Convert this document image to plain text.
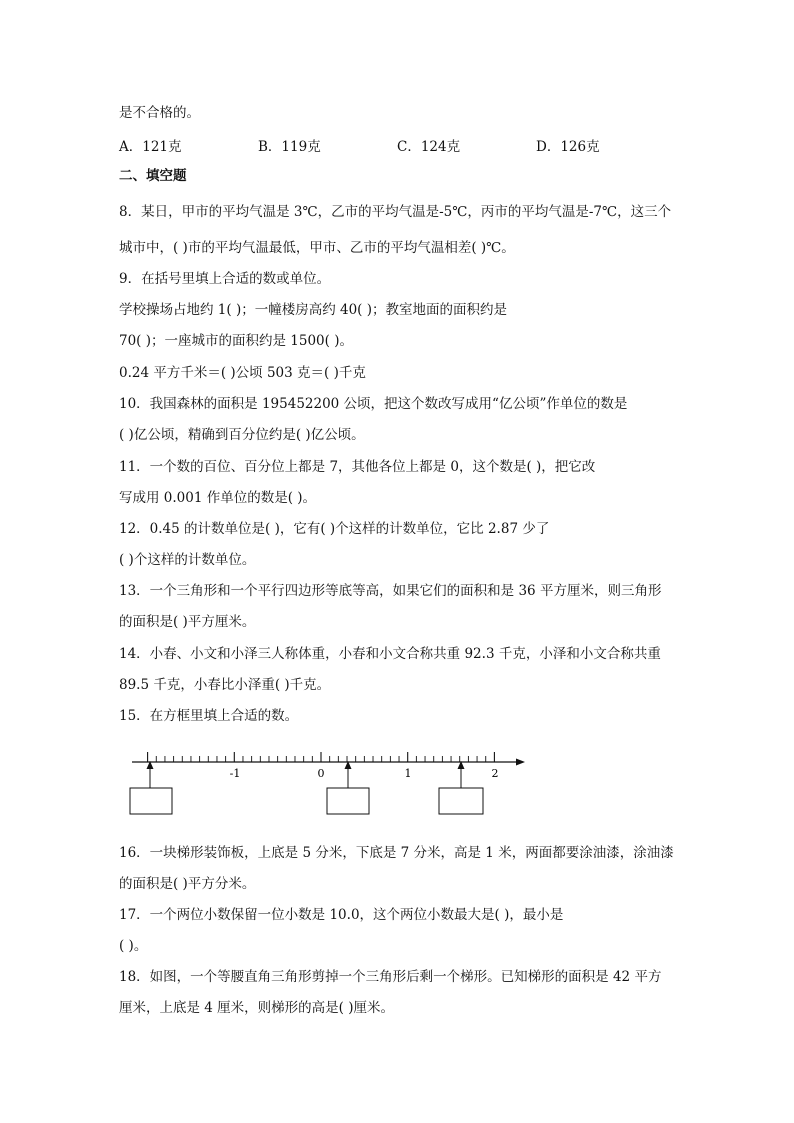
是不合格的。
A．121克	B．119克	C．124克	D．126克
二、填空题
8．某日，甲市的平均气温是 3℃，乙市的平均气温是-5℃，丙市的平均气温是-7℃，这三个
城市中，( )市的平均气温最低，甲市、乙市的平均气温相差( )℃。
9．在括号里填上合适的数或单位。
学校操场占地约 1( )；一幢楼房高约 40( )；教室地面的面积约是
70( )；一座城市的面积约是 1500( )。
0.24 平方千米＝( )公顷 503 克＝( )千克
10．我国森林的面积是 195452200 公顷，把这个数改写成用“亿公顷”作单位的数是
( )亿公顷，精确到百分位约是( )亿公顷。
11．一个数的百位、百分位上都是 7，其他各位上都是 0，这个数是( )，把它改
写成用 0.001 作单位的数是( )。
12．0.45 的计数单位是( )，它有( )个这样的计数单位，它比 2.87 少了
( )个这样的计数单位。
13．一个三角形和一个平行四边形等底等高，如果它们的面积和是 36 平方厘米，则三角形
的面积是( )平方厘米。
14．小春、小文和小泽三人称体重，小春和小文合称共重 92.3 千克，小泽和小文合称共重
89.5 千克，小春比小泽重( )千克。
15．在方框里填上合适的数。
-1	0	1	2
16．一块梯形装饰板，上底是 5 分米，下底是 7 分米，高是 1 米，两面都要涂油漆，涂油漆
的面积是( )平方分米。
17．一个两位小数保留一位小数是 10.0，这个两位小数最大是( )，最小是
( )。
18．如图，一个等腰直角三角形剪掉一个三角形后剩一个梯形。已知梯形的面积是 42 平方
厘米，上底是 4 厘米，则梯形的高是( )厘米。
